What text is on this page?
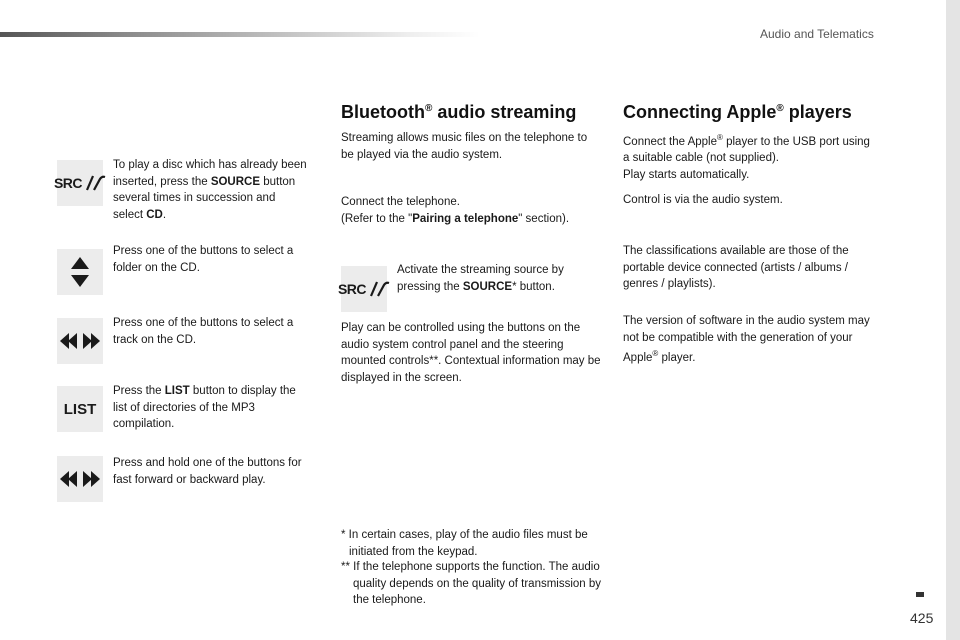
Audio and Telematics
425
SRC
To play a disc which has already been inserted, press the SOURCE button several times in succession and select CD.
Press one of the buttons to select a folder on the CD.
Press one of the buttons to select a track on the CD.
LIST
Press the LIST button to display the list of directories of the MP3 compilation.
Press and hold one of the buttons for fast forward or backward play.
Bluetooth® audio streaming
Streaming allows music files on the telephone to be played via the audio system.
Connect the telephone.
(Refer to the "Pairing a telephone" section).
SRC
Activate the streaming source by pressing the SOURCE* button.
Play can be controlled using the buttons on the audio system control panel and the steering mounted controls**. Contextual information may be displayed in the screen.
* In certain cases, play of the audio files must be initiated from the keypad.
** If the telephone supports the function. The audio quality depends on the quality of transmission by the telephone.
Connecting Apple® players
Connect the Apple® player to the USB port using a suitable cable (not supplied).
Play starts automatically.
Control is via the audio system.
The classifications available are those of the portable device connected (artists / albums / genres / playlists).
The version of software in the audio system may not be compatible with the generation of your Apple® player.
